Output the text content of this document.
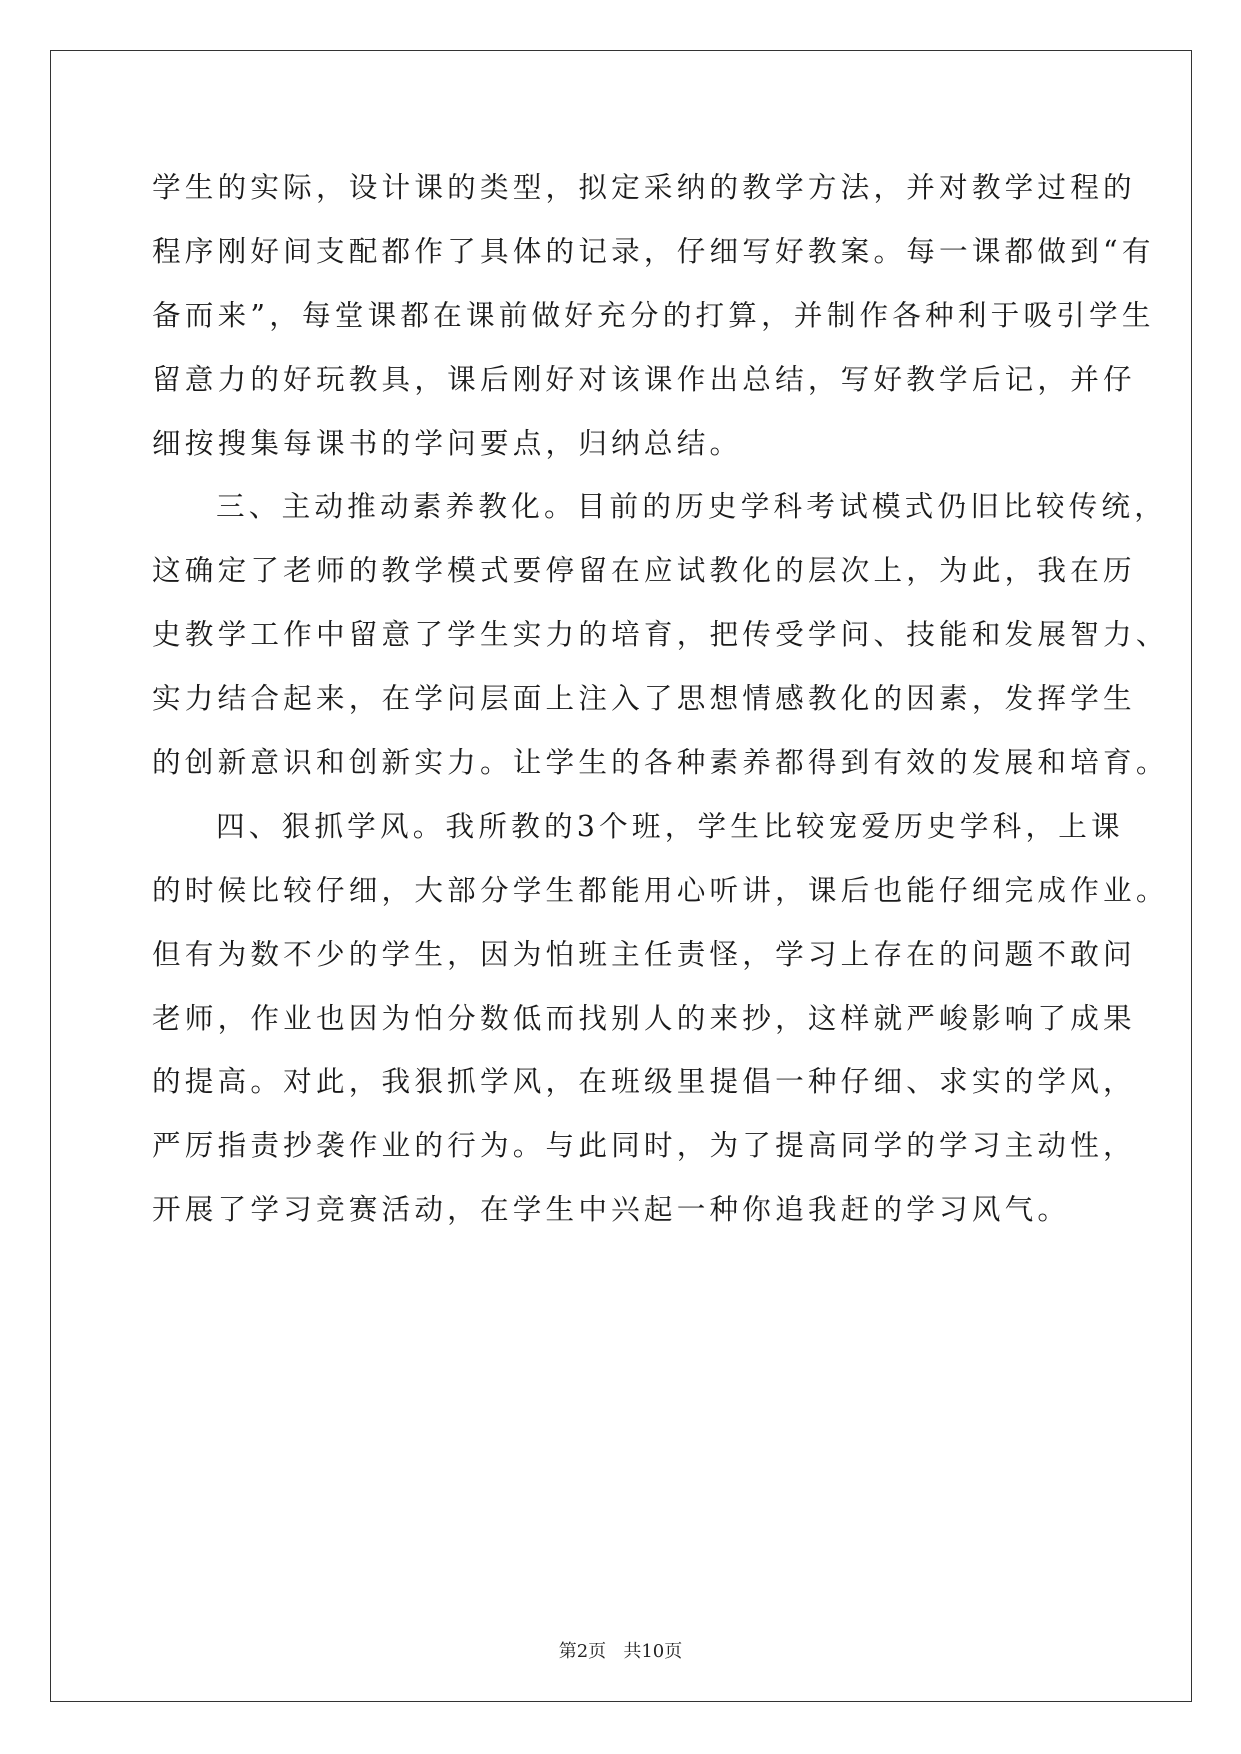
学生的实际，设计课的类型，拟定采纳的教学方法，并对教学过程的
程序刚好间支配都作了具体的记录，仔细写好教案。每一课都做到“有
备而来”，每堂课都在课前做好充分的打算，并制作各种利于吸引学生
留意力的好玩教具，课后刚好对该课作出总结，写好教学后记，并仔
细按搜集每课书的学问要点，归纳总结。
三、主动推动素养教化。目前的历史学科考试模式仍旧比较传统，
这确定了老师的教学模式要停留在应试教化的层次上，为此，我在历
史教学工作中留意了学生实力的培育，把传受学问、技能和发展智力、
实力结合起来，在学问层面上注入了思想情感教化的因素，发挥学生
的创新意识和创新实力。让学生的各种素养都得到有效的发展和培育。
四、狠抓学风。我所教的3个班，学生比较宠爱历史学科，上课
的时候比较仔细，大部分学生都能用心听讲，课后也能仔细完成作业。
但有为数不少的学生，因为怕班主任责怪，学习上存在的问题不敢问
老师，作业也因为怕分数低而找别人的来抄，这样就严峻影响了成果
的提高。对此，我狠抓学风，在班级里提倡一种仔细、求实的学风，
严厉指责抄袭作业的行为。与此同时，为了提高同学的学习主动性，
开展了学习竞赛活动，在学生中兴起一种你追我赶的学习风气。
第2页   共10页
